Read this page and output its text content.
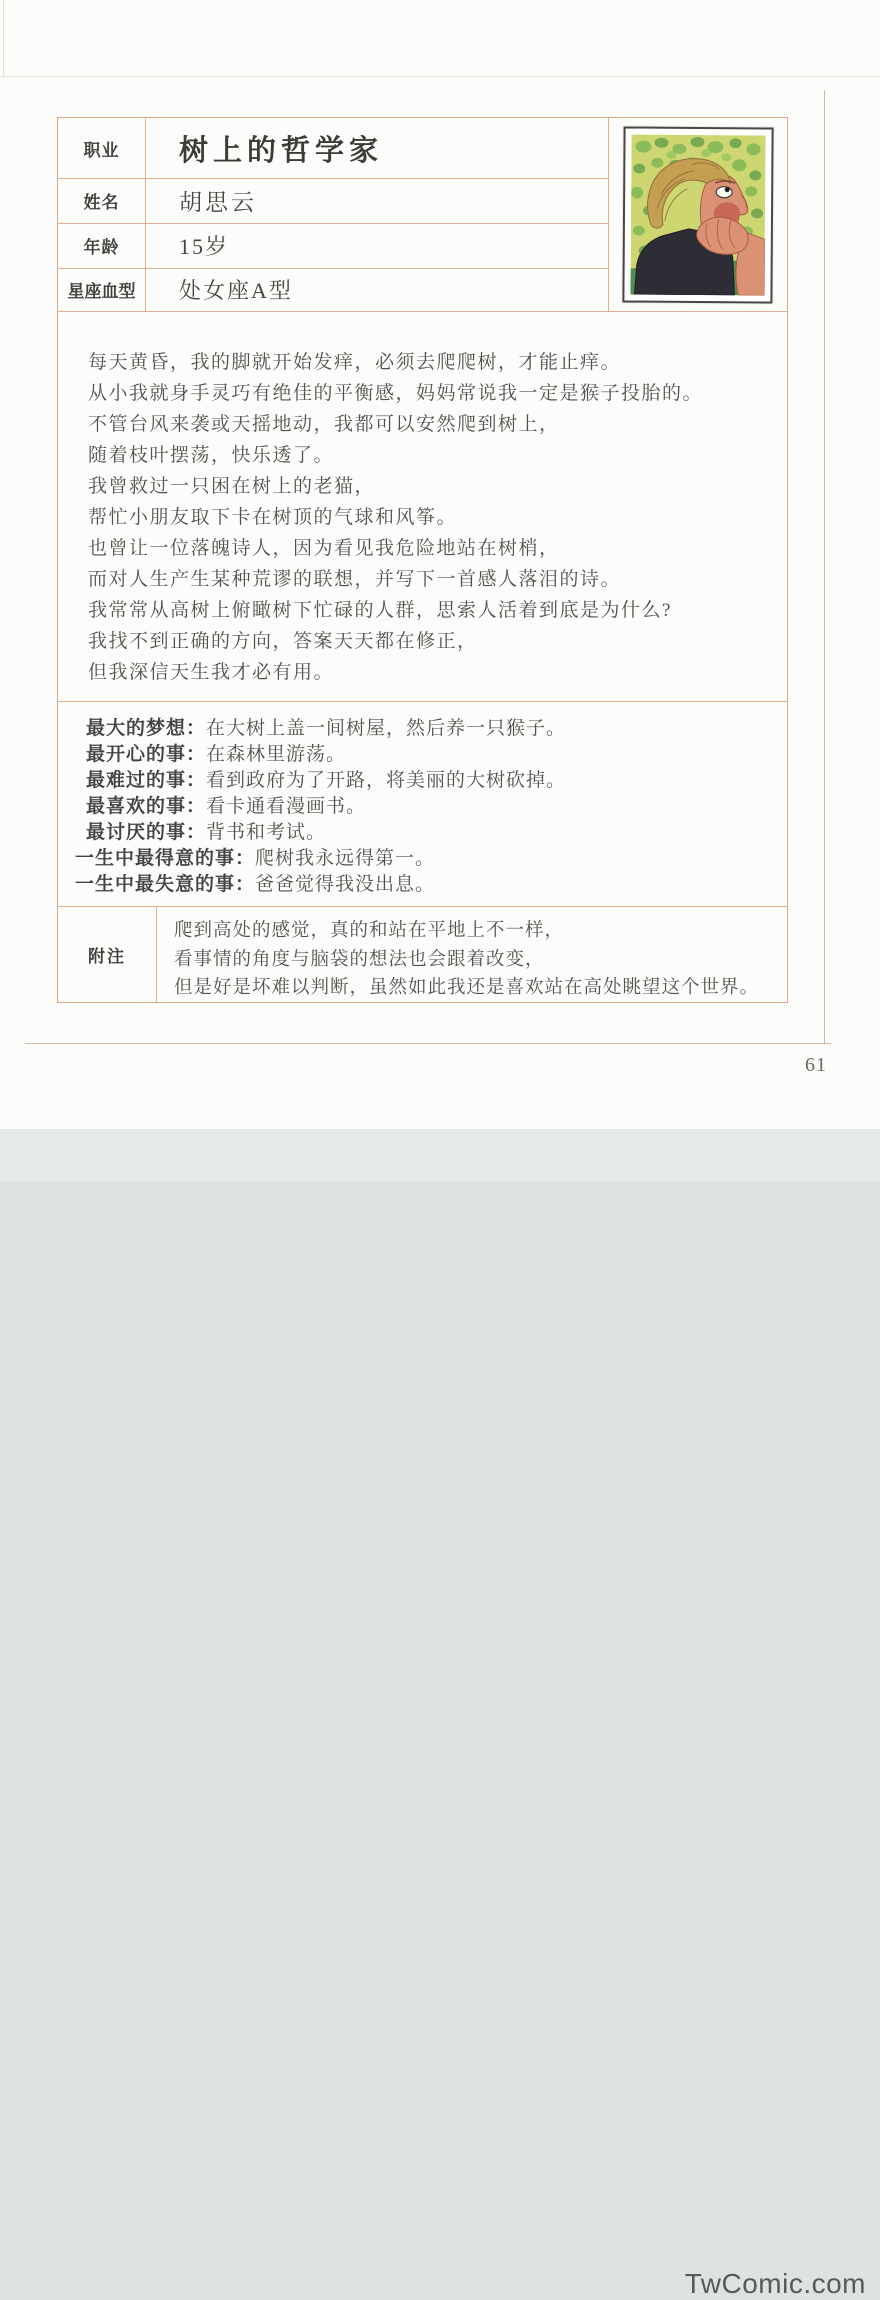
职业	树上的哲学家
姓名	胡思云
年龄	15岁
星座血型	处女座A型
每天黄昏，我的脚就开始发痒，必须去爬爬树，才能止痒。
从小我就身手灵巧有绝佳的平衡感，妈妈常说我一定是猴子投胎的。
不管台风来袭或天摇地动，我都可以安然爬到树上，
随着枝叶摆荡，快乐透了。
我曾救过一只困在树上的老猫，
帮忙小朋友取下卡在树顶的气球和风筝。
也曾让一位落魄诗人，因为看见我危险地站在树梢，
而对人生产生某种荒谬的联想，并写下一首感人落泪的诗。
我常常从高树上俯瞰树下忙碌的人群，思索人活着到底是为什么?
我找不到正确的方向，答案天天都在修正，
但我深信天生我才必有用。
最大的梦想：在大树上盖一间树屋，然后养一只猴子。
最开心的事：在森林里游荡。
最难过的事：看到政府为了开路，将美丽的大树砍掉。
最喜欢的事：看卡通看漫画书。
最讨厌的事：背书和考试。
一生中最得意的事：爬树我永远得第一。
一生中最失意的事：爸爸觉得我没出息。
附注
爬到高处的感觉，真的和站在平地上不一样，
看事情的角度与脑袋的想法也会跟着改变，
但是好是坏难以判断，虽然如此我还是喜欢站在高处眺望这个世界。
61
TwComic.com
